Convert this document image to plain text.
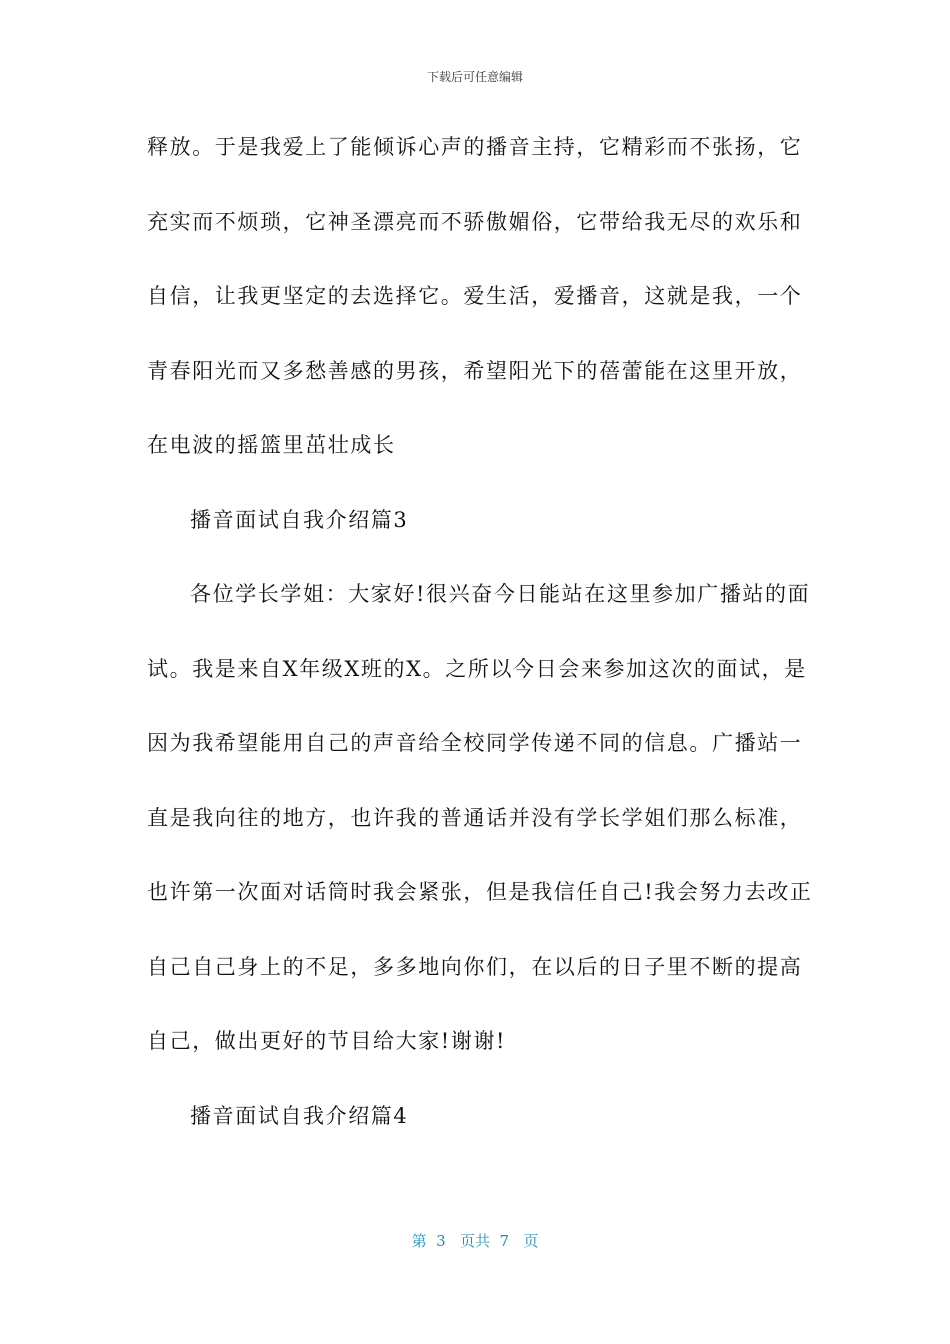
下载后可任意编辑
释放。于是我爱上了能倾诉心声的播音主持，它精彩而不张扬，它
充实而不烦琐，它神圣漂亮而不骄傲媚俗，它带给我无尽的欢乐和
自信，让我更坚定的去选择它。爱生活，爱播音，这就是我，一个
青春阳光而又多愁善感的男孩，希望阳光下的蓓蕾能在这里开放，
在电波的摇篮里茁壮成长
播音面试自我介绍篇3
各位学长学姐：大家好!很兴奋今日能站在这里参加广播站的面
试。我是来自X年级X班的X。之所以今日会来参加这次的面试，是
因为我希望能用自己的声音给全校同学传递不同的信息。广播站一
直是我向往的地方，也许我的普通话并没有学长学姐们那么标准，
也许第一次面对话筒时我会紧张，但是我信任自己!我会努力去改正
自己自己身上的不足，多多地向你们，在以后的日子里不断的提高
自己，做出更好的节目给大家!谢谢!
播音面试自我介绍篇4
第  3   页共  7   页
